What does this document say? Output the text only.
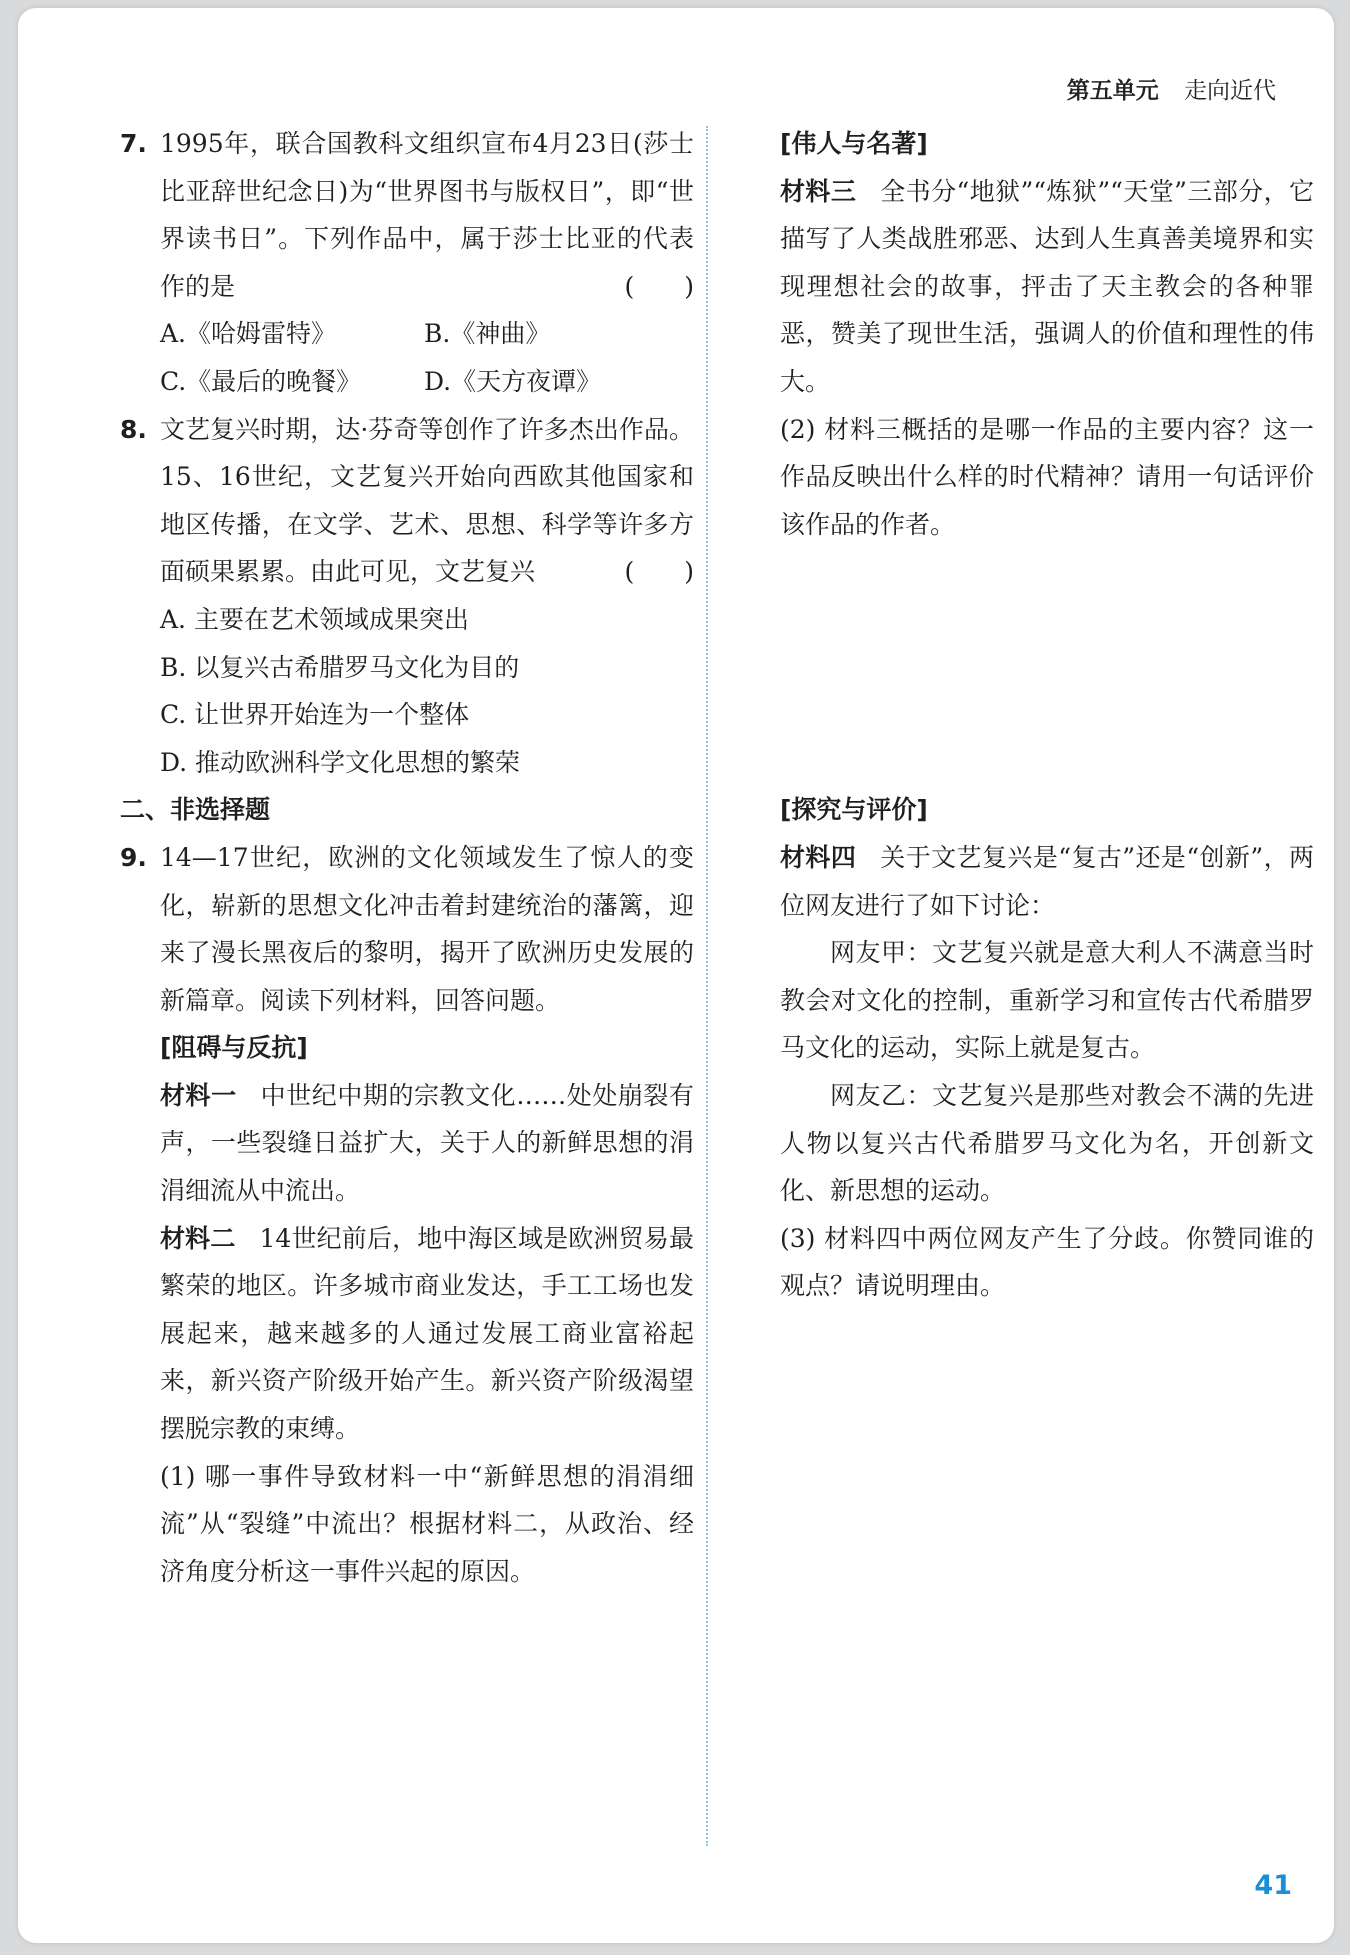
第五单元 走向近代

7. 1995年，联合国教科文组织宣布4月23日(莎士比亚辞世纪念日)为“世界图书与版权日”，即“世界读书日”。下列作品中，属于莎士比亚的代表作的是	(　　)

A.《哈姆雷特》	B.《神曲》
C.《最后的晚餐》	D.《天方夜谭》

8. 文艺复兴时期，达·芬奇等创作了许多杰出作品。15、16世纪，文艺复兴开始向西欧其他国家和地区传播，在文学、艺术、思想、科学等许多方面硕果累累。由此可见，文艺复兴	(　　)

A. 主要在艺术领域成果突出

B. 以复兴古希腊罗马文化为目的

C. 让世界开始连为一个整体

D. 推动欧洲科学文化思想的繁荣

二、非选择题

9. 14—17世纪，欧洲的文化领域发生了惊人的变化，崭新的思想文化冲击着封建统治的藩篱，迎来了漫长黑夜后的黎明，揭开了欧洲历史发展的新篇章。阅读下列材料，回答问题。

[阻碍与反抗]

材料一 中世纪中期的宗教文化……处处崩裂有声，一些裂缝日益扩大，关于人的新鲜思想的涓涓细流从中流出。

材料二 14世纪前后，地中海区域是欧洲贸易最繁荣的地区。许多城市商业发达，手工工场也发展起来，越来越多的人通过发展工商业富裕起来，新兴资产阶级开始产生。新兴资产阶级渴望摆脱宗教的束缚。

(1) 哪一事件导致材料一中“新鲜思想的涓涓细流”从“裂缝”中流出？根据材料二，从政治、经济角度分析这一事件兴起的原因。

[伟人与名著]

材料三 全书分“地狱”“炼狱”“天堂”三部分，它描写了人类战胜邪恶、达到人生真善美境界和实现理想社会的故事，抨击了天主教会的各种罪恶，赞美了现世生活，强调人的价值和理性的伟大。

(2) 材料三概括的是哪一作品的主要内容？这一作品反映出什么样的时代精神？请用一句话评价该作品的作者。

[探究与评价]

材料四 关于文艺复兴是“复古”还是“创新”，两位网友进行了如下讨论：

网友甲：文艺复兴就是意大利人不满意当时教会对文化的控制，重新学习和宣传古代希腊罗马文化的运动，实际上就是复古。

网友乙：文艺复兴是那些对教会不满的先进人物以复兴古代希腊罗马文化为名，开创新文化、新思想的运动。

(3) 材料四中两位网友产生了分歧。你赞同谁的观点？请说明理由。

41
